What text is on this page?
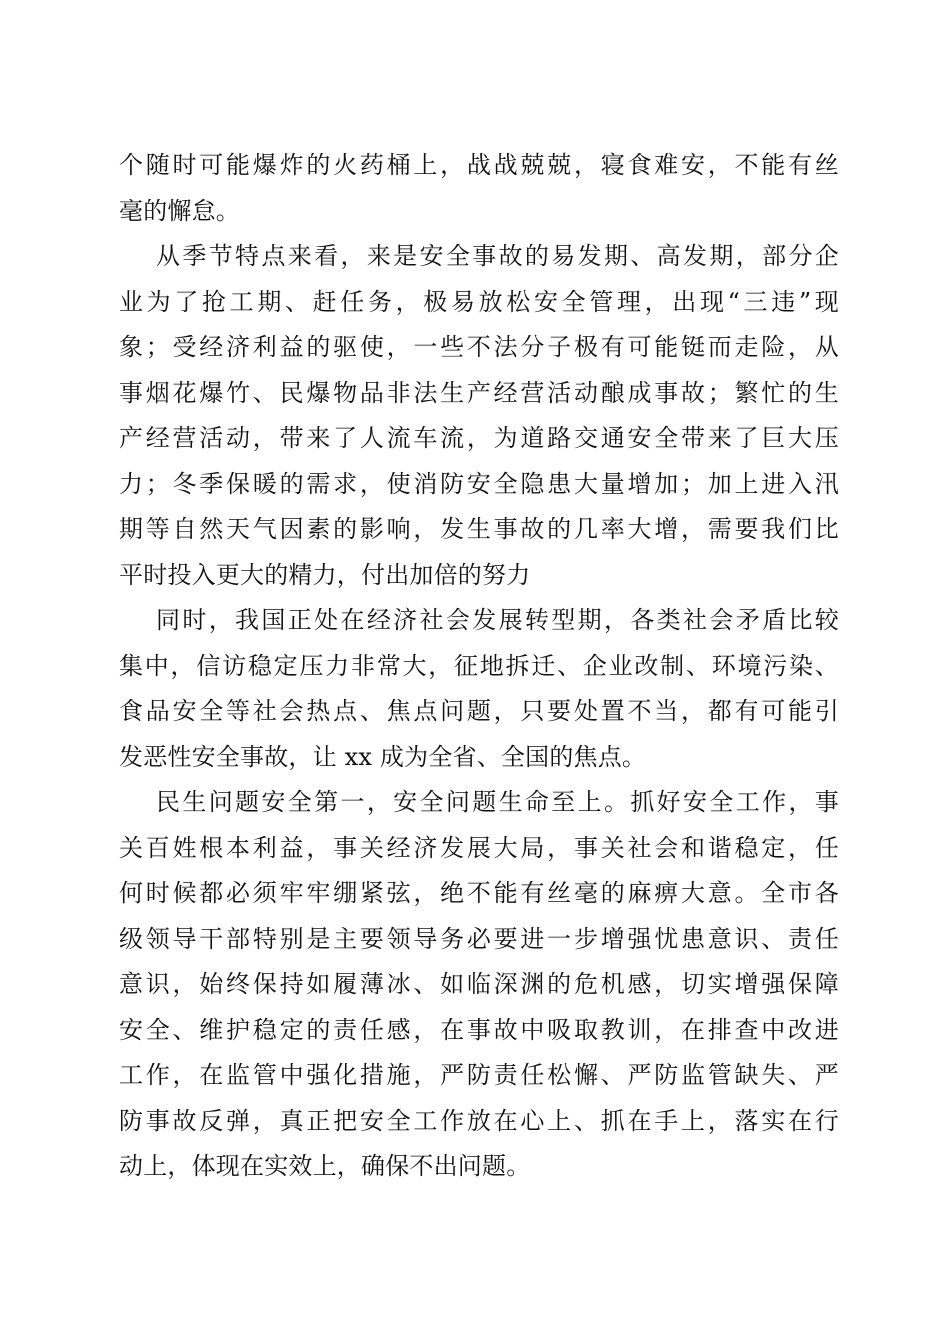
个随时可能爆炸的火药桶上，战战兢兢，寝食难安，不能有丝
毫的懈怠。
从季节特点来看，来是安全事故的易发期、高发期，部分企
业为了抢工期、赶任务，极易放松安全管理，出现“三违”现
象；受经济利益的驱使，一些不法分子极有可能铤而走险，从
事烟花爆竹、民爆物品非法生产经营活动酿成事故；繁忙的生
产经营活动，带来了人流车流，为道路交通安全带来了巨大压
力；冬季保暖的需求，使消防安全隐患大量增加；加上进入汛
期等自然天气因素的影响，发生事故的几率大增，需要我们比
平时投入更大的精力，付出加倍的努力
同时，我国正处在经济社会发展转型期，各类社会矛盾比较
集中，信访稳定压力非常大，征地拆迁、企业改制、环境污染、
食品安全等社会热点、焦点问题，只要处置不当，都有可能引
发恶性安全事故，让 xx 成为全省、全国的焦点。
民生问题安全第一，安全问题生命至上。抓好安全工作，事
关百姓根本利益，事关经济发展大局，事关社会和谐稳定，任
何时候都必须牢牢绷紧弦，绝不能有丝毫的麻痹大意。全市各
级领导干部特别是主要领导务必要进一步增强忧患意识、责任
意识，始终保持如履薄冰、如临深渊的危机感，切实增强保障
安全、维护稳定的责任感，在事故中吸取教训，在排查中改进
工作，在监管中强化措施，严防责任松懈、严防监管缺失、严
防事故反弹，真正把安全工作放在心上、抓在手上，落实在行
动上，体现在实效上，确保不出问题。
